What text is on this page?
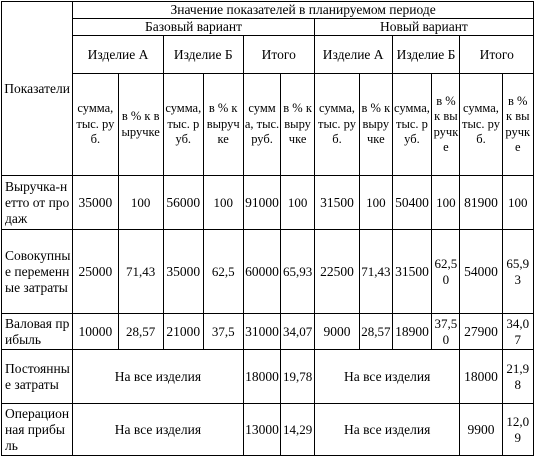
Показатели	Значение показателей в планируемом периоде											
	Базовый вариант						Новый вариант					
	Изделие А		Изделие Б		Итого		Изделие А		Изделие Б		Итого	
	сумма, тыс. руб.	в % к выручке	сумма, тыс. руб.	в % к выручке	сумма, тыс. руб.	в % к выручке	сумма, тыс. руб.	в % к выручке	сумма, тыс. руб.	в % к выручке	сумма, тыс. руб.	в % к выручке
Выручка-нетто от продаж	35000	100	56000	100	91000	100	31500	100	50400	100	81900	100
Совокупные переменные затраты	25000	71,43	35000	62,5	60000	65,93	22500	71,43	31500	62,50	54000	65,93
Валовая прибыль	10000	28,57	21000	37,5	31000	34,07	9000	28,57	18900	37,50	27900	34,07
Постоянные затраты	На все изделия				18000	19,78	На все изделия				18000	21,98
Операционная прибыль	На все изделия				13000	14,29	На все изделия				9900	12,09
